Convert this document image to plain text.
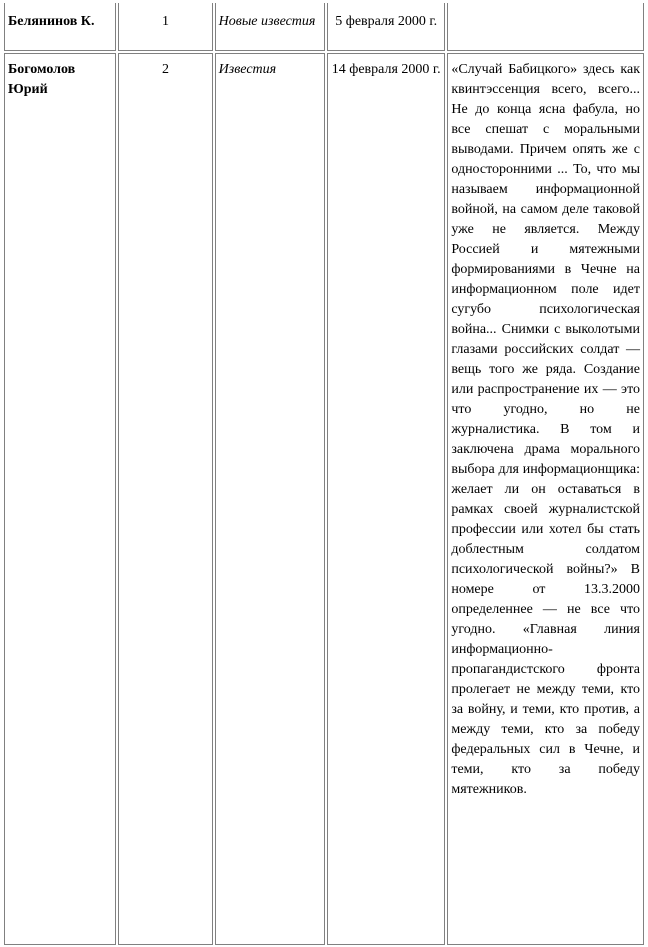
Белянинов К.	1	Новые известия	5 февраля 2000 г.	
Богомолов Юрий	2	Известия	14 февраля 2000 г.	«Случай Бабицкого» здесь как квинтэссенция всего, всего... Не до конца ясна фабула, но все спешат с моральными выводами. Причем опять же с односторонними ... То, что мы называем информационной войной, на самом деле таковой уже не является. Между Россией и мятежными формированиями в Чечне на информационном поле идет сугубо психологическая война... Снимки с выколотыми глазами российских солдат — вещь того же ряда. Создание или распространение их — это что угодно, но не журналистика. В том и заключена драма морального выбора для информационщика: желает ли он оставаться в рамках своей журналистской профессии или хотел бы стать доблестным солдатом психологической войны?» В номере от 13.3.2000 определеннее — не все что угодно. «Главная линия информационно-пропагандистского фронта пролегает не между теми, кто за войну, и теми, кто против, а между теми, кто за победу федеральных сил в Чечне, и теми, кто за победу мятежников.
